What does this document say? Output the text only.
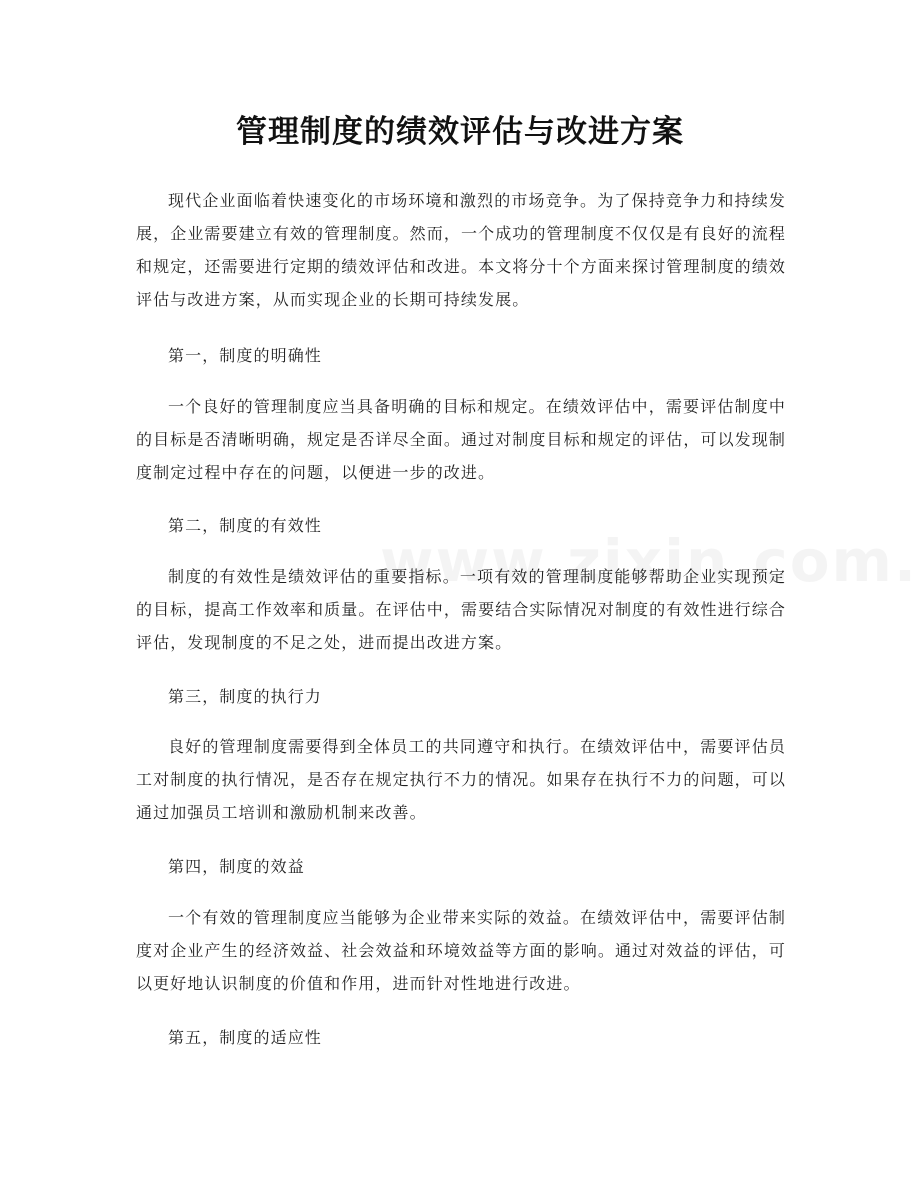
管理制度的绩效评估与改进方案

现代企业面临着快速变化的市场环境和激烈的市场竞争。为了保持竞争力和持续发展，企业需要建立有效的管理制度。然而，一个成功的管理制度不仅仅是有良好的流程和规定，还需要进行定期的绩效评估和改进。本文将分十个方面来探讨管理制度的绩效评估与改进方案，从而实现企业的长期可持续发展。

第一，制度的明确性

一个良好的管理制度应当具备明确的目标和规定。在绩效评估中，需要评估制度中的目标是否清晰明确，规定是否详尽全面。通过对制度目标和规定的评估，可以发现制度制定过程中存在的问题，以便进一步的改进。

第二，制度的有效性

制度的有效性是绩效评估的重要指标。一项有效的管理制度能够帮助企业实现预定的目标，提高工作效率和质量。在评估中，需要结合实际情况对制度的有效性进行综合评估，发现制度的不足之处，进而提出改进方案。

第三，制度的执行力

良好的管理制度需要得到全体员工的共同遵守和执行。在绩效评估中，需要评估员工对制度的执行情况，是否存在规定执行不力的情况。如果存在执行不力的问题，可以通过加强员工培训和激励机制来改善。

第四，制度的效益

一个有效的管理制度应当能够为企业带来实际的效益。在绩效评估中，需要评估制度对企业产生的经济效益、社会效益和环境效益等方面的影响。通过对效益的评估，可以更好地认识制度的价值和作用，进而针对性地进行改进。

第五，制度的适应性
